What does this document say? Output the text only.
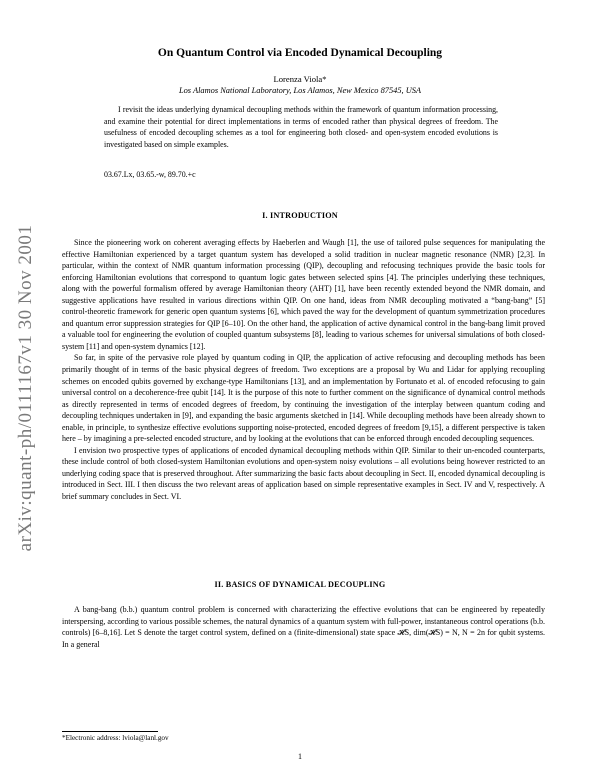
arXiv:quant-ph/0111167v1 30 Nov 2001
On Quantum Control via Encoded Dynamical Decoupling
Lorenza Viola*
Los Alamos National Laboratory, Los Alamos, New Mexico 87545, USA
I revisit the ideas underlying dynamical decoupling methods within the framework of quantum information processing, and examine their potential for direct implementations in terms of encoded rather than physical degrees of freedom. The usefulness of encoded decoupling schemes as a tool for engineering both closed- and open-system encoded evolutions is investigated based on simple examples.
03.67.Lx, 03.65.-w, 89.70.+c
I. INTRODUCTION

Since the pioneering work on coherent averaging effects by Haeberlen and Waugh [1], the use of tailored pulse sequences for manipulating the effective Hamiltonian experienced by a target quantum system has developed a solid tradition in nuclear magnetic resonance (NMR) [2,3]. In particular, within the context of NMR quantum information processing (QIP), decoupling and refocusing techniques provide the basic tools for enforcing Hamiltonian evolutions that correspond to quantum logic gates between selected spins [4]. The principles underlying these techniques, along with the powerful formalism offered by average Hamiltonian theory (AHT) [1], have been recently extended beyond the NMR domain, and suggestive applications have resulted in various directions within QIP. On one hand, ideas from NMR decoupling motivated a “bang-bang” [5] control-theoretic framework for generic open quantum systems [6], which paved the way for the development of quantum symmetrization procedures and quantum error suppression strategies for QIP [6–10]. On the other hand, the application of active dynamical control in the bang-bang limit proved a valuable tool for engineering the evolution of coupled quantum subsystems [8], leading to various schemes for universal simulations of both closed-system [11] and open-system dynamics [12].

So far, in spite of the pervasive role played by quantum coding in QIP, the application of active refocusing and decoupling methods has been primarily thought of in terms of the basic physical degrees of freedom. Two exceptions are a proposal by Wu and Lidar for applying recoupling schemes on encoded qubits governed by exchange-type Hamiltonians [13], and an implementation by Fortunato et al. of encoded refocusing to gain universal control on a decoherence-free qubit [14]. It is the purpose of this note to further comment on the significance of dynamical control methods as directly represented in terms of encoded degrees of freedom, by continuing the investigation of the interplay between quantum coding and decoupling techniques undertaken in [9], and expanding the basic arguments sketched in [14]. While decoupling methods have been already shown to enable, in principle, to synthesize effective evolutions supporting noise-protected, encoded degrees of freedom [9,15], a different perspective is taken here – by imagining a pre-selected encoded structure, and by looking at the evolutions that can be enforced through encoded decoupling sequences.

I envision two prospective types of applications of encoded dynamical decoupling methods within QIP. Similar to their un-encoded counterparts, these include control of both closed-system Hamiltonian evolutions and open-system noisy evolutions – all evolutions being however restricted to an underlying coding space that is preserved throughout. After summarizing the basic facts about decoupling in Sect. II, encoded dynamical decoupling is introduced in Sect. III. I then discuss the two relevant areas of application based on simple representative examples in Sect. IV and V, respectively. A brief summary concludes in Sect. VI.

II. BASICS OF DYNAMICAL DECOUPLING

A bang-bang (b.b.) quantum control problem is concerned with characterizing the effective evolutions that can be engineered by repeatedly interspersing, according to various possible schemes, the natural dynamics of a quantum system with full-power, instantaneous control operations (b.b. controls) [6–8,16]. Let S denote the target control system, defined on a (finite-dimensional) state space 𝓗S, dim(𝓗S) = N, N = 2n for qubit systems. In a general

*Electronic address: lviola@lanl.gov
1
